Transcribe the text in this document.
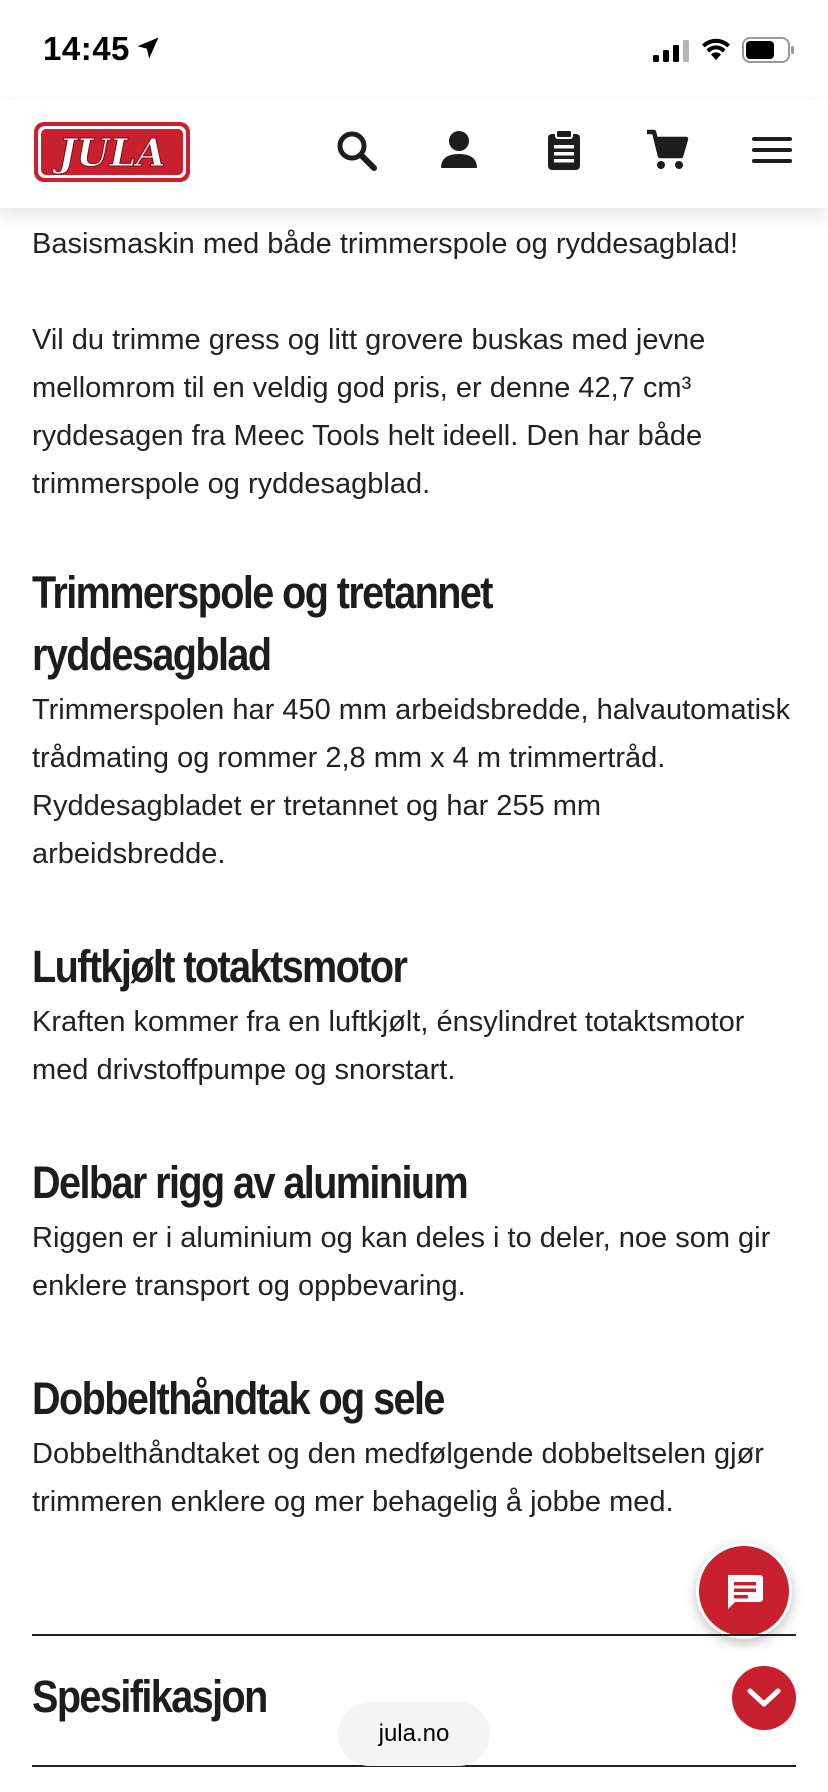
14:45
JULA

Basismaskin med både trimmerspole og ryddesagblad!

Vil du trimme gress og litt grovere buskas med jevne mellomrom til en veldig god pris, er denne 42,7 cm³ ryddesagen fra Meec Tools helt ideell. Den har både trimmerspole og ryddesagblad.

Trimmerspole og tretannet ryddesagblad

Trimmerspolen har 450 mm arbeidsbredde, halvautomatisk trådmating og rommer 2,8 mm x 4 m trimmertråd. Ryddesagbladet er tretannet og har 255 mm arbeidsbredde.

Luftkjølt totaktsmotor

Kraften kommer fra en luftkjølt, énsylindret totaktsmotor med drivstoffpumpe og snorstart.

Delbar rigg av aluminium

Riggen er i aluminium og kan deles i to deler, noe som gir enklere transport og oppbevaring.

Dobbelthåndtak og sele

Dobbelthåndtaket og den medfølgende dobbeltselen gjør trimmeren enklere og mer behagelig å jobbe med.

Spesifikasjon
jula.no
